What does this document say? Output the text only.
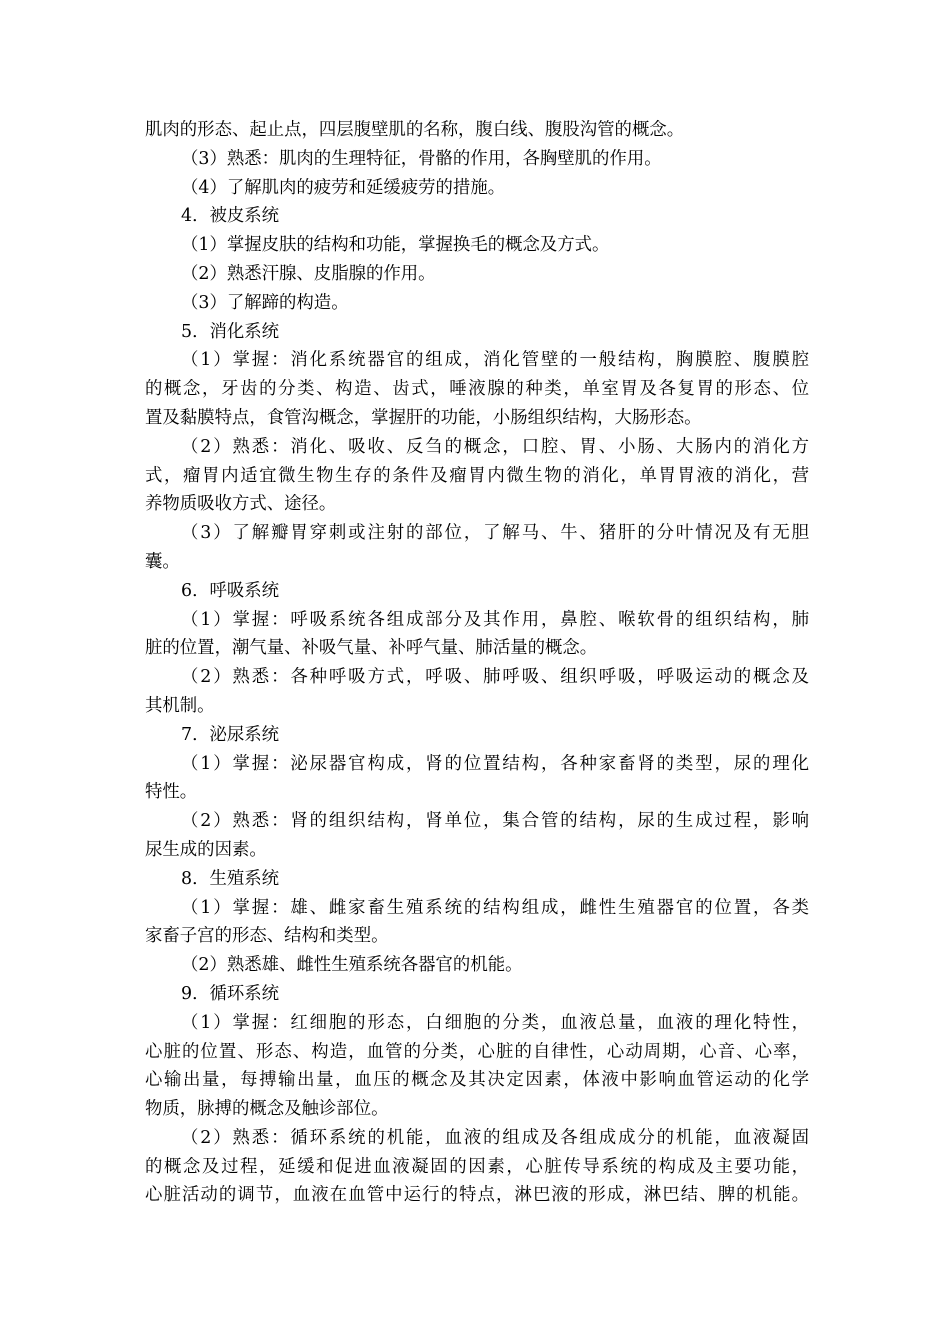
肌肉的形态、起止点，四层腹壁肌的名称，腹白线、腹股沟管的概念。
（3）熟悉：肌肉的生理特征，骨骼的作用，各胸壁肌的作用。
（4）了解肌肉的疲劳和延缓疲劳的措施。
4．被皮系统
（1）掌握皮肤的结构和功能，掌握换毛的概念及方式。
（2）熟悉汗腺、皮脂腺的作用。
（3）了解蹄的构造。
5．消化系统
（1）掌握：消化系统器官的组成，消化管壁的一般结构，胸膜腔、腹膜腔
的概念，牙齿的分类、构造、齿式，唾液腺的种类，单室胃及各复胃的形态、位
置及黏膜特点，食管沟概念，掌握肝的功能，小肠组织结构，大肠形态。
（2）熟悉：消化、吸收、反刍的概念，口腔、胃、小肠、大肠内的消化方
式，瘤胃内适宜微生物生存的条件及瘤胃内微生物的消化，单胃胃液的消化，营
养物质吸收方式、途径。
（3）了解瓣胃穿刺或注射的部位，了解马、牛、猪肝的分叶情况及有无胆
囊。
6．呼吸系统
（1）掌握：呼吸系统各组成部分及其作用，鼻腔、喉软骨的组织结构，肺
脏的位置，潮气量、补吸气量、补呼气量、肺活量的概念。
（2）熟悉：各种呼吸方式，呼吸、肺呼吸、组织呼吸，呼吸运动的概念及
其机制。
7．泌尿系统
（1）掌握：泌尿器官构成，肾的位置结构，各种家畜肾的类型，尿的理化
特性。
（2）熟悉：肾的组织结构，肾单位，集合管的结构，尿的生成过程，影响
尿生成的因素。
8．生殖系统
（1）掌握：雄、雌家畜生殖系统的结构组成，雌性生殖器官的位置，各类
家畜子宫的形态、结构和类型。
（2）熟悉雄、雌性生殖系统各器官的机能。
9．循环系统
（1）掌握：红细胞的形态，白细胞的分类，血液总量，血液的理化特性，
心脏的位置、形态、构造，血管的分类，心脏的自律性，心动周期，心音、心率，
心输出量，每搏输出量，血压的概念及其决定因素，体液中影响血管运动的化学
物质，脉搏的概念及触诊部位。
（2）熟悉：循环系统的机能，血液的组成及各组成成分的机能，血液凝固
的概念及过程，延缓和促进血液凝固的因素，心脏传导系统的构成及主要功能，
心脏活动的调节，血液在血管中运行的特点，淋巴液的形成，淋巴结、脾的机能。
